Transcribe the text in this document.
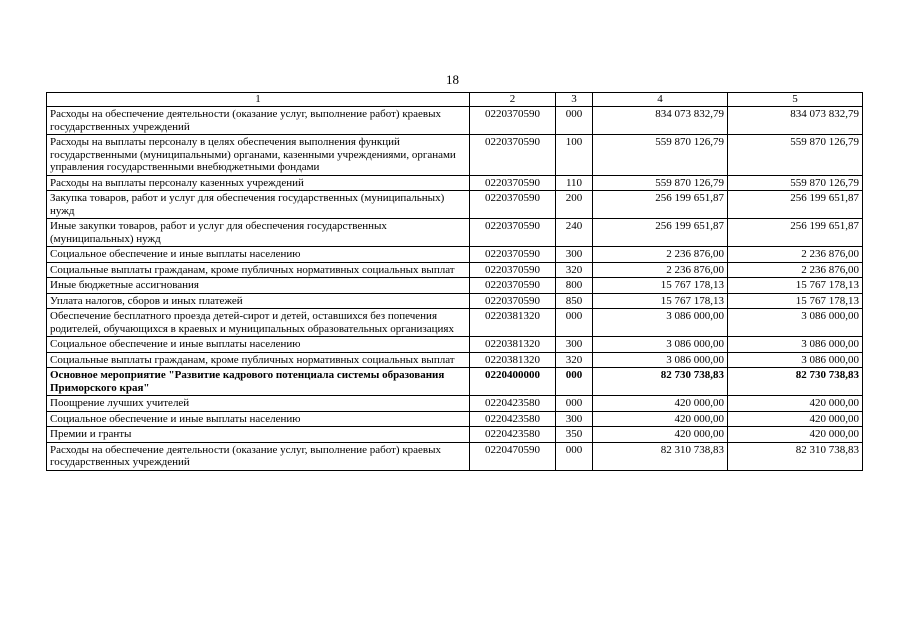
18
1	2	3	4	5
Расходы на обеспечение деятельности (оказание услуг, выполнение работ) краевых государственных учреждений	0220370590	000	834 073 832,79	834 073 832,79
Расходы на выплаты персоналу в целях обеспечения выполнения функций государственными (муниципальными) органами, казенными учреждениями, органами управления государственными внебюджетными фондами	0220370590	100	559 870 126,79	559 870 126,79
Расходы на выплаты персоналу казенных учреждений	0220370590	110	559 870 126,79	559 870 126,79
Закупка товаров, работ и услуг для обеспечения государственных (муниципальных) нужд	0220370590	200	256 199 651,87	256 199 651,87
Иные закупки товаров, работ и услуг для обеспечения государственных (муниципальных) нужд	0220370590	240	256 199 651,87	256 199 651,87
Социальное обеспечение и иные выплаты населению	0220370590	300	2 236 876,00	2 236 876,00
Социальные выплаты гражданам, кроме публичных нормативных социальных выплат	0220370590	320	2 236 876,00	2 236 876,00
Иные бюджетные ассигнования	0220370590	800	15 767 178,13	15 767 178,13
Уплата налогов, сборов и иных платежей	0220370590	850	15 767 178,13	15 767 178,13
Обеспечение бесплатного проезда детей-сирот и детей, оставшихся без попечения родителей, обучающихся в краевых и муниципальных образовательных организациях	0220381320	000	3 086 000,00	3 086 000,00
Социальное обеспечение и иные выплаты населению	0220381320	300	3 086 000,00	3 086 000,00
Социальные выплаты гражданам, кроме публичных нормативных социальных выплат	0220381320	320	3 086 000,00	3 086 000,00
Основное мероприятие "Развитие кадрового потенциала системы образования Приморского края"	0220400000	000	82 730 738,83	82 730 738,83
Поощрение лучших учителей	0220423580	000	420 000,00	420 000,00
Социальное обеспечение и иные выплаты населению	0220423580	300	420 000,00	420 000,00
Премии и гранты	0220423580	350	420 000,00	420 000,00
Расходы на обеспечение деятельности (оказание услуг, выполнение работ) краевых государственных учреждений	0220470590	000	82 310 738,83	82 310 738,83
